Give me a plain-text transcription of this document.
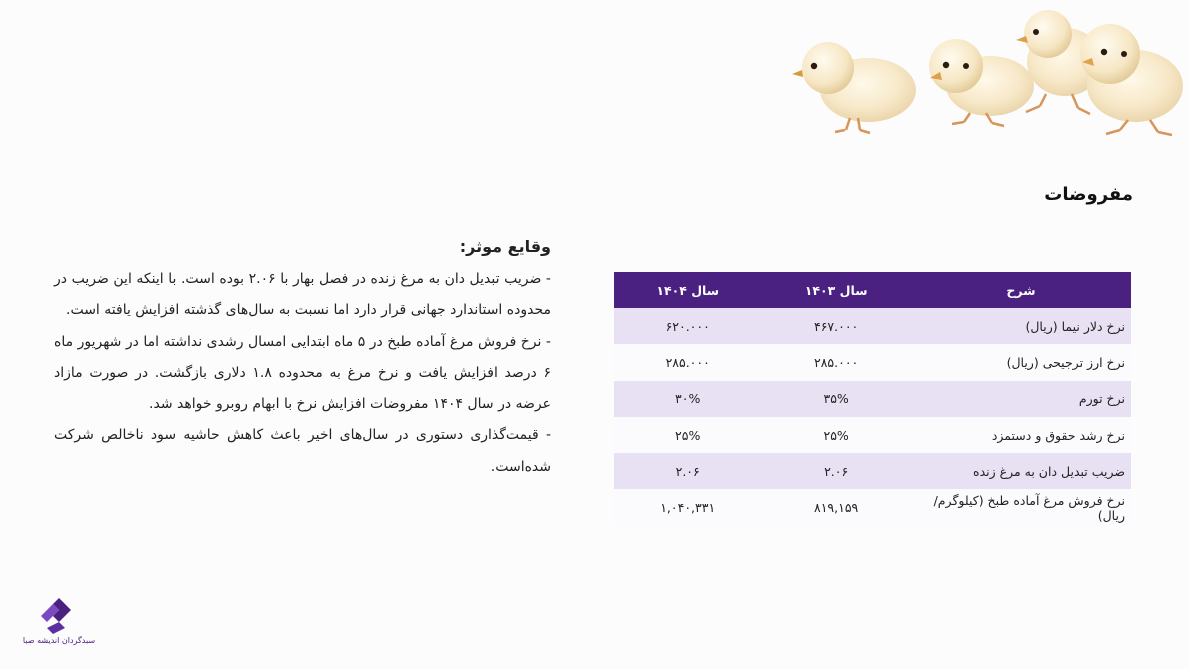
مفروضات
شرح	سال ۱۴۰۳	سال ۱۴۰۴
نرخ دلار نیما (ریال)	۴۶۷.۰۰۰	۶۲۰.۰۰۰
نرخ ارز ترجیحی (ریال)	۲۸۵.۰۰۰	۲۸۵.۰۰۰
نرخ تورم	۳۵%	۳۰%
نرخ رشد حقوق و دستمزد	۲۵%	۲۵%
ضریب تبدیل دان به مرغ زنده	۲.۰۶	۲.۰۶
نرخ فروش مرغ آماده طبخ (کیلوگرم/ریال)	۸۱۹,۱۵۹	۱,۰۴۰,۳۳۱
وقایع موثر:

- ضریب تبدیل دان به مرغ زنده در فصل بهار با ۲.۰۶ بوده است. با اینکه این ضریب در محدوده استاندارد جهانی قرار دارد اما نسبت به سال‌های گذشته افزایش یافته است.

- نرخ فروش مرغ آماده طبخ در ۵ ماه ابتدایی امسال رشدی نداشته اما در شهریور ماه ۶ درصد افزایش یافت و نرخ مرغ به محدوده ۱.۸ دلاری بازگشت. در صورت مازاد عرضه در سال ۱۴۰۴ مفروضات افزایش نرخ با ابهام روبرو خواهد شد.

- قیمت‌گذاری دستوری در سال‌های اخیر باعث کاهش حاشیه سود ناخالص شرکت شده‌است.

سبدگردان اندیشه صبا
